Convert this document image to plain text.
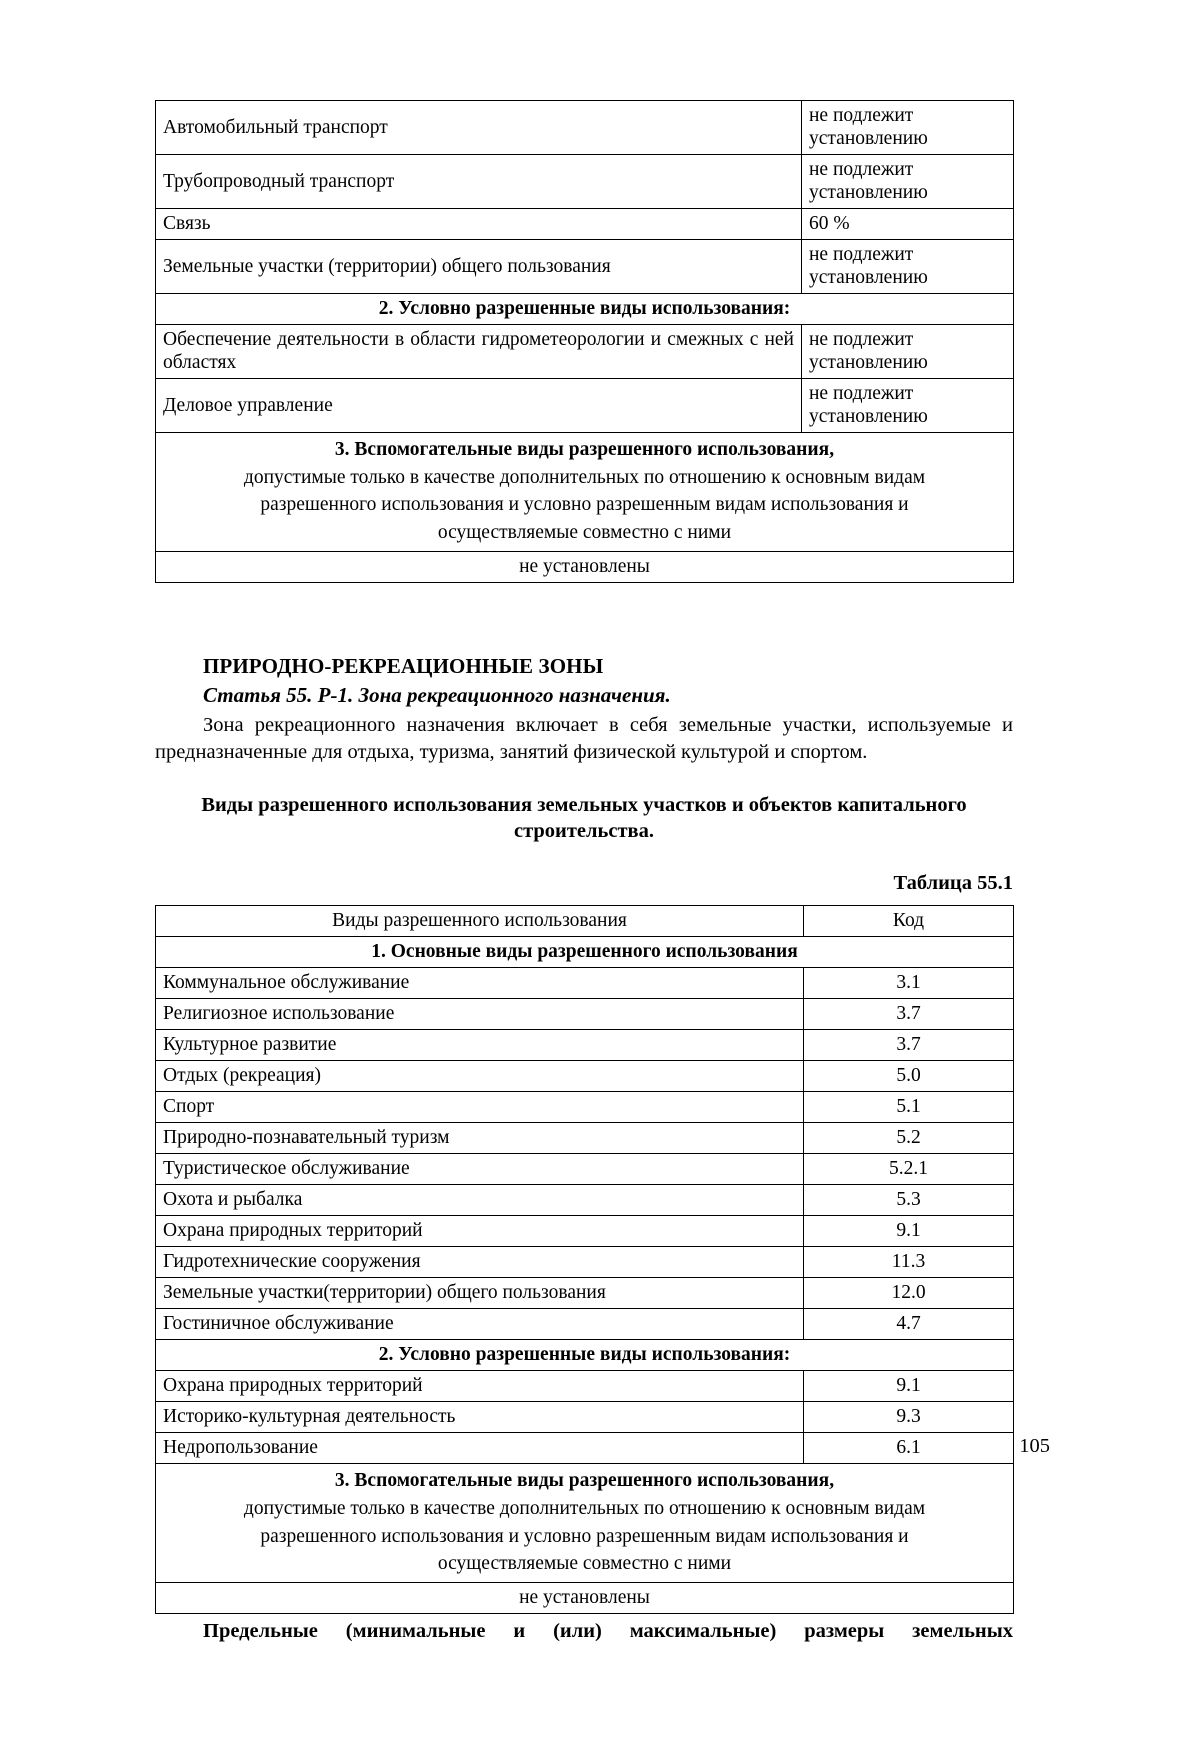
Автомобильный транспорт	не подлежит установлению
Трубопроводный транспорт	не подлежит установлению
Связь	60 %
Земельные участки (территории) общего пользования	не подлежит установлению
2. Условно разрешенные виды использования:	
Обеспечение деятельности в области гидрометеорологии и смежных с ней областях	не подлежит установлению
Деловое управление	не подлежит установлению

3. Вспомогательные виды разрешенного использования,
допустимые только в качестве дополнительных по отношению к основным видам
разрешенного использования и условно разрешенным видам использования и
осуществляемые совместно с ними	

не установлены	
ПРИРОДНО-РЕКРЕАЦИОННЫЕ ЗОНЫ
Статья 55. Р-1. Зона рекреационного назначения.

Зона рекреационного назначения включает в себя земельные участки, используемые и предназначенные для отдыха, туризма, занятий физической культурой и спортом.

Виды разрешенного использования земельных участков и объектов капитального

строительства.

Таблица 55.1

Виды разрешенного использования	Код
1. Основные виды разрешенного использования	
Коммунальное обслуживание	3.1
Религиозное использование	3.7
Культурное развитие	3.7
Отдых (рекреация)	5.0
Спорт	5.1
Природно-познавательный туризм	5.2
Туристическое обслуживание	5.2.1
Охота и рыбалка	5.3
Охрана природных территорий	9.1
Гидротехнические сооружения	11.3
Земельные участки(территории) общего пользования	12.0
Гостиничное обслуживание	4.7
2. Условно разрешенные виды использования:	
Охрана природных территорий	9.1
Историко-культурная деятельность	9.3
Недропользование	6.1

3. Вспомогательные виды разрешенного использования,
допустимые только в качестве дополнительных по отношению к основным видам
разрешенного использования и условно разрешенным видам использования и
осуществляемые совместно с ними	

не установлены	

Предельные (минимальные и (или) максимальные) размеры земельных

105
